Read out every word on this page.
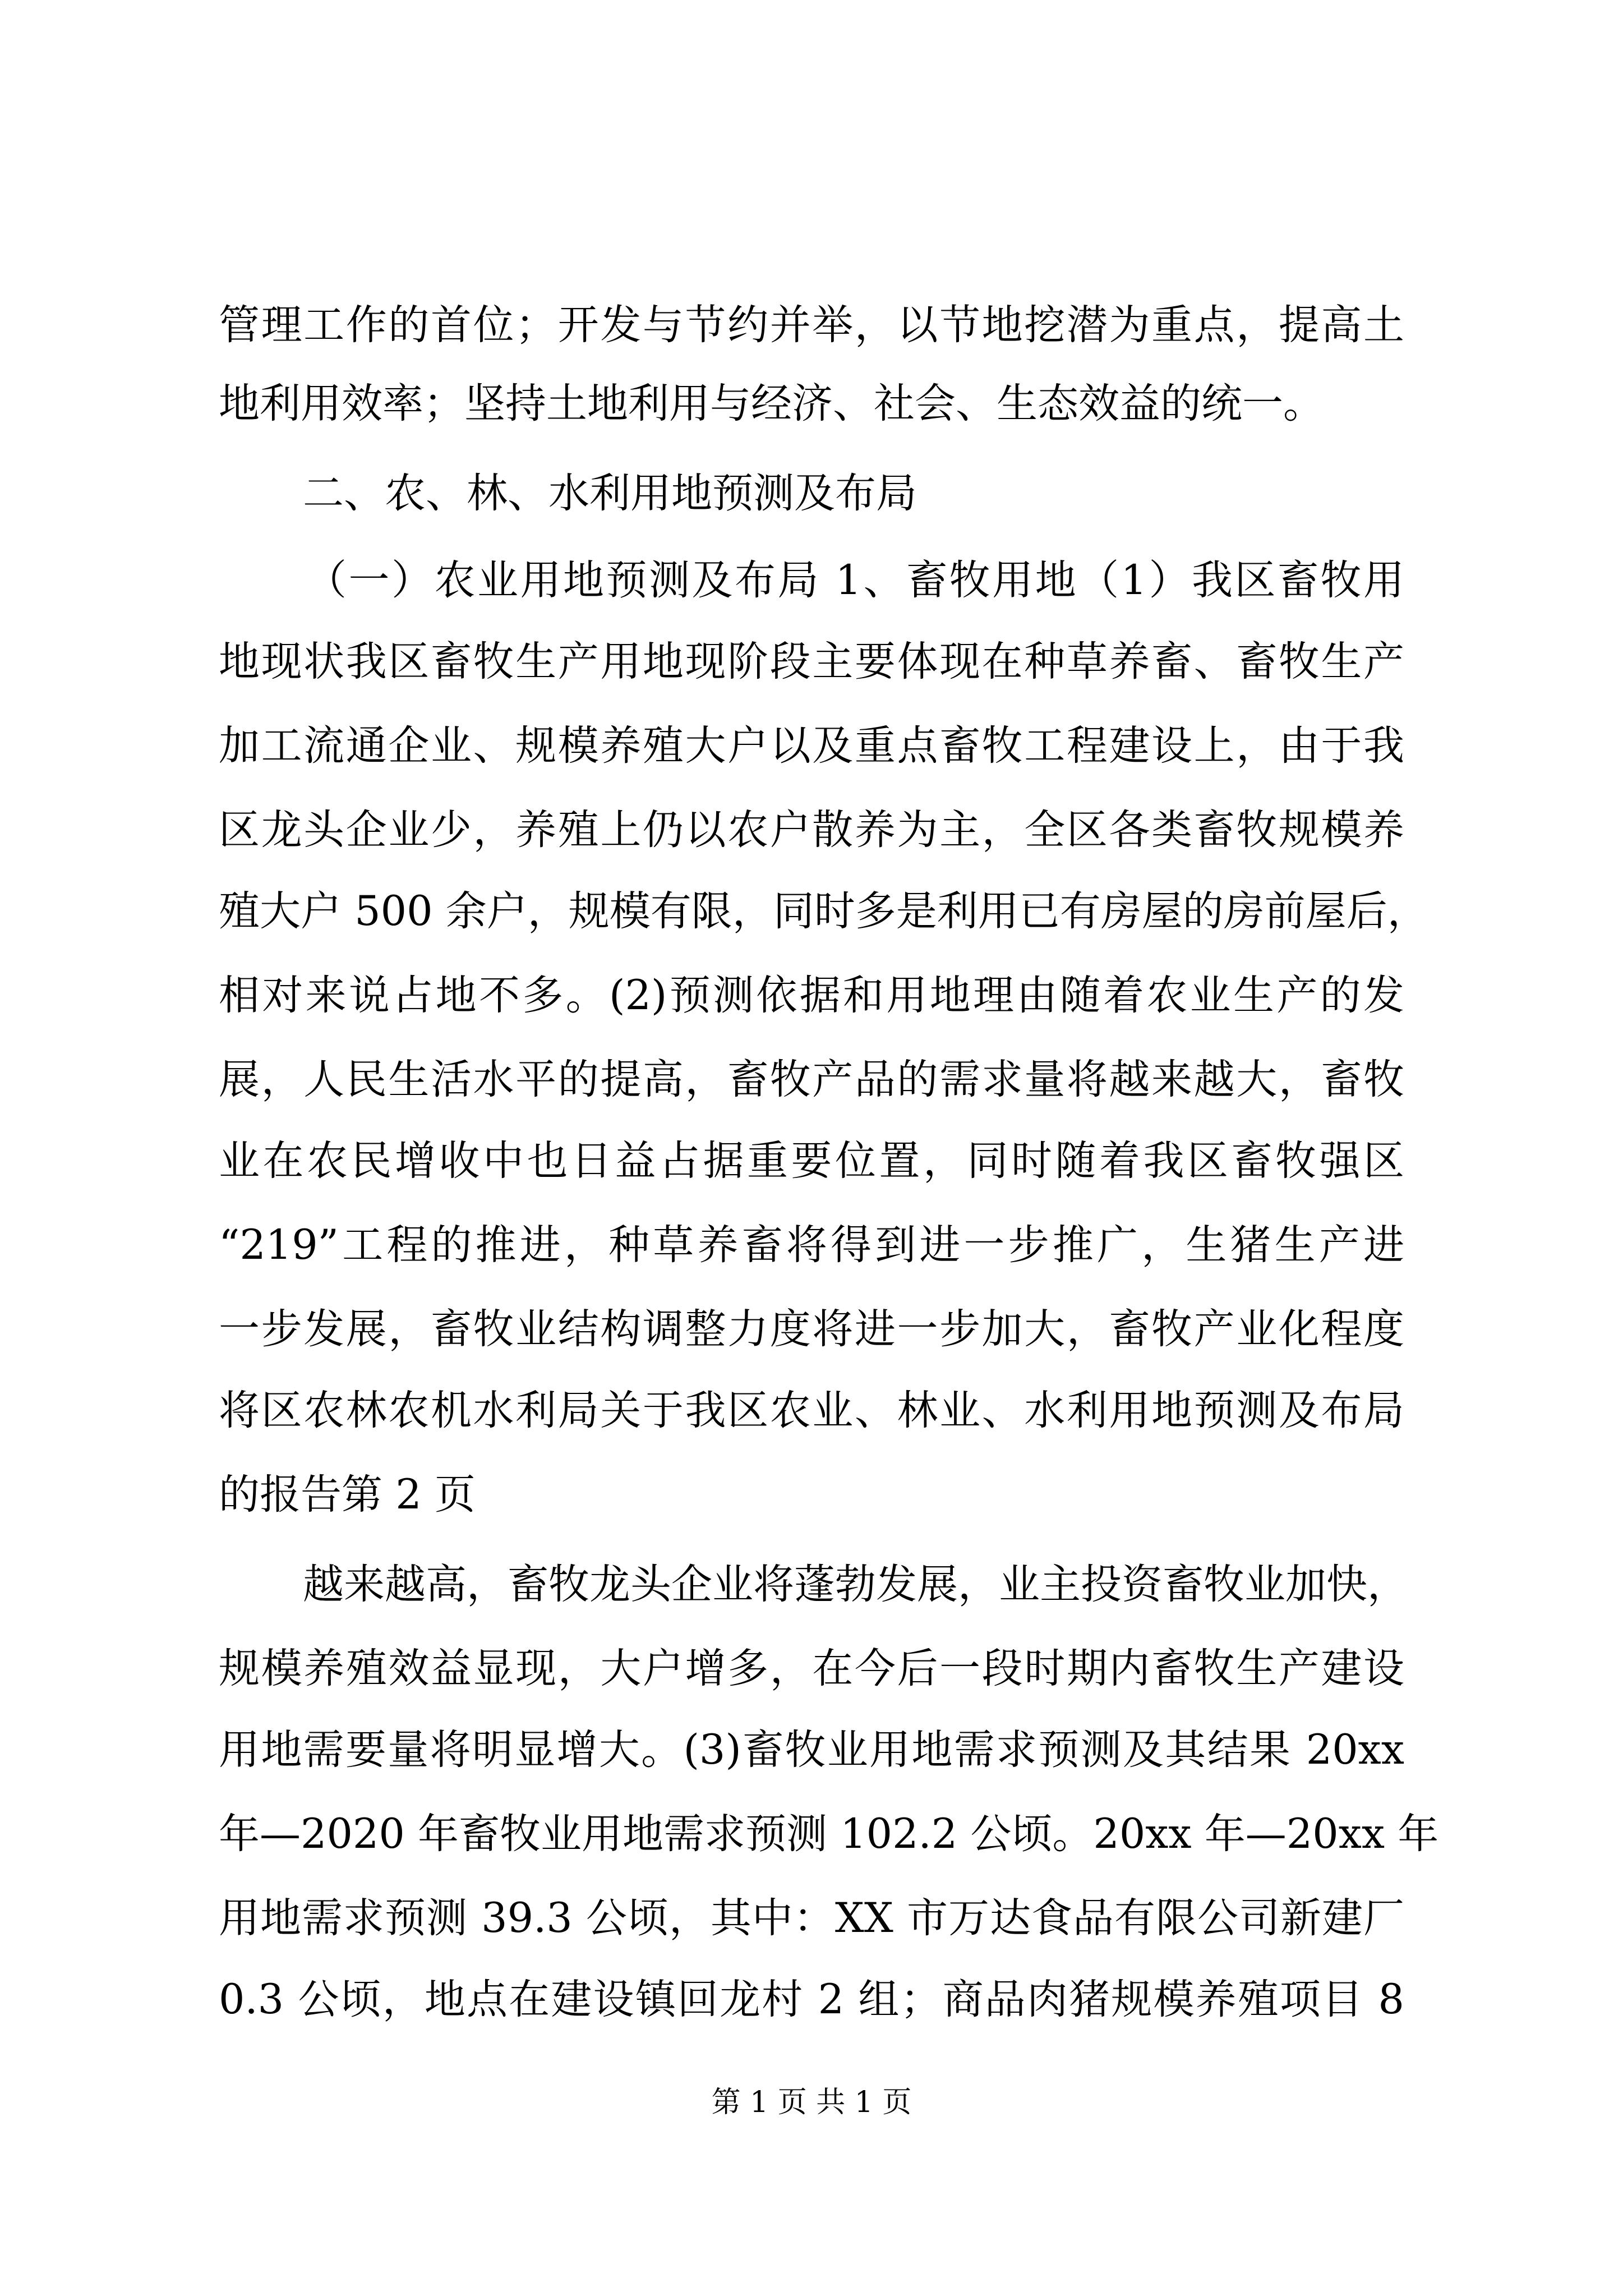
管理工作的首位；开发与节约并举，以节地挖潜为重点，提高土
地利用效率；坚持土地利用与经济、社会、生态效益的统一。
二、农、林、水利用地预测及布局
（一）农业用地预测及布局 1、畜牧用地（1）我区畜牧用
地现状我区畜牧生产用地现阶段主要体现在种草养畜、畜牧生产
加工流通企业、规模养殖大户以及重点畜牧工程建设上，由于我
区龙头企业少，养殖上仍以农户散养为主，全区各类畜牧规模养
殖大户 500 余户，规模有限，同时多是利用已有房屋的房前屋后，
相对来说占地不多。(2)预测依据和用地理由随着农业生产的发
展，人民生活水平的提高，畜牧产品的需求量将越来越大，畜牧
业在农民增收中也日益占据重要位置，同时随着我区畜牧强区
“219”工程的推进，种草养畜将得到进一步推广，生猪生产进
一步发展，畜牧业结构调整力度将进一步加大，畜牧产业化程度
将区农林农机水利局关于我区农业、林业、水利用地预测及布局
的报告第 2 页
越来越高，畜牧龙头企业将蓬勃发展，业主投资畜牧业加快，
规模养殖效益显现，大户增多，在今后一段时期内畜牧生产建设
用地需要量将明显增大。(3)畜牧业用地需求预测及其结果 20xx
年—2020 年畜牧业用地需求预测 102.2 公顷。20xx 年—20xx 年
用地需求预测 39.3 公顷，其中：XX 市万达食品有限公司新建厂
0.3 公顷，地点在建设镇回龙村 2 组；商品肉猪规模养殖项目 8
第 1 页 共 1 页
